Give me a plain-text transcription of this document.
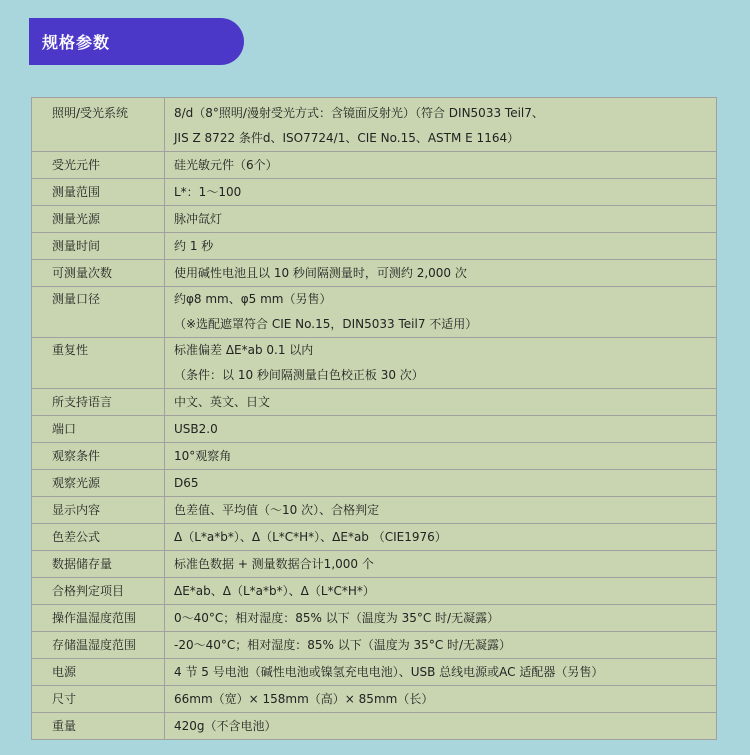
规格参数
照明/受光系统	8/d（8°照明/漫射受光方式：含镜面反射光）（符合 DIN5033 Teil7、
JIS Z 8722 条件d、ISO7724/1、CIE No.15、ASTM E 1164）

受光元件	硅光敏元件（6个）

测量范围	L*：1～100

测量光源	脉冲氙灯

测量时间	约 1 秒

可测量次数	使用碱性电池且以 10 秒间隔测量时，可测约 2,000 次

测量口径	约φ8 mm、φ5 mm（另售）
（※选配遮罩符合 CIE No.15，DIN5033 Teil7 不适用）

重复性	标准偏差 ΔE*ab 0.1 以内
（条件：以 10 秒间隔测量白色校正板 30 次）

所支持语言	中文、英文、日文

端口	USB2.0

观察条件	10°观察角

观察光源	D65

显示内容	色差值、平均值（～10 次）、合格判定

色差公式	Δ（L*a*b*）、Δ（L*C*H*）、ΔE*ab （CIE1976）

数据储存量	标准色数据 + 测量数据合计1,000 个

合格判定项目	ΔE*ab、Δ（L*a*b*）、Δ（L*C*H*）

操作温湿度范围	0～40°C；相对湿度：85% 以下（温度为 35°C 时/无凝露）

存储温湿度范围	-20～40°C；相对湿度：85% 以下（温度为 35°C 时/无凝露）

电源	4 节 5 号电池（碱性电池或镍氢充电电池）、USB 总线电源或AC 适配器（另售）

尺寸	66mm（宽）× 158mm（高）× 85mm（长）

重量	420g（不含电池）
